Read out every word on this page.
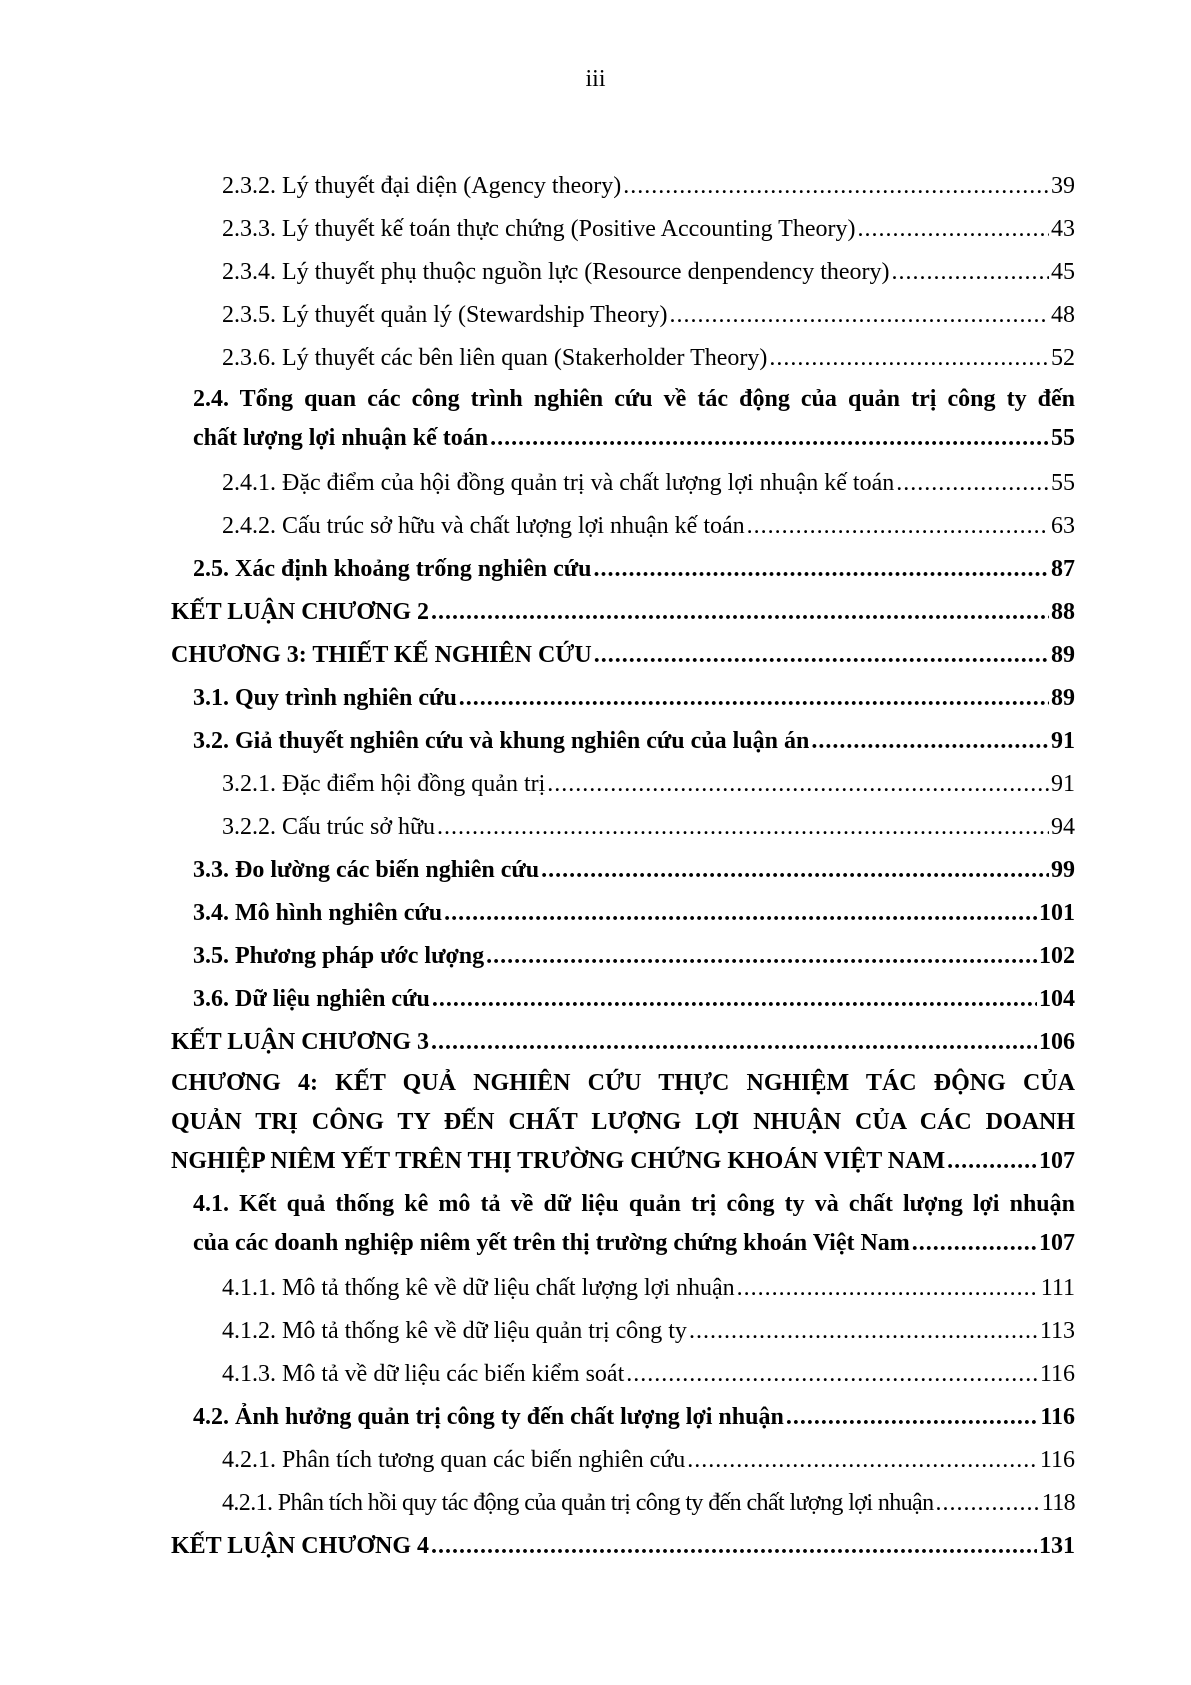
iii
2.3.2. Lý thuyết đại diện (Agency theory) .....	39
2.3.3. Lý thuyết kế toán thực chứng (Positive Accounting Theory) .....	43
2.3.4. Lý thuyết phụ thuộc nguồn lực (Resource denpendency theory) .....	45
2.3.5. Lý thuyết quản lý (Stewardship Theory) .....	48
2.3.6. Lý thuyết các bên liên quan (Stakerholder Theory) .....	52
2.4. Tổng quan các công trình nghiên cứu về tác động của quản trị công ty đến
chất lượng lợi nhuận kế toán .....	55
2.4.1. Đặc điểm của hội đồng quản trị và chất lượng lợi nhuận kế toán .....	55
2.4.2. Cấu trúc sở hữu và chất lượng lợi nhuận kế toán .....	63
2.5. Xác định khoảng trống nghiên cứu .....	87
KẾT LUẬN CHƯƠNG 2 .....	88
CHƯƠNG 3: THIẾT KẾ NGHIÊN CỨU .....	89
3.1. Quy trình nghiên cứu .....	89
3.2. Giả thuyết nghiên cứu và khung nghiên cứu của luận án .....	91
3.2.1. Đặc điểm hội đồng quản trị .....	91
3.2.2. Cấu trúc sở hữu .....	94
3.3. Đo lường các biến nghiên cứu .....	99
3.4. Mô hình nghiên cứu .....	101
3.5. Phương pháp ước lượng .....	102
3.6. Dữ liệu nghiên cứu .....	104
KẾT LUẬN CHƯƠNG 3 .....	106
CHƯƠNG 4: KẾT QUẢ NGHIÊN CỨU THỰC NGHIỆM TÁC ĐỘNG CỦA
QUẢN TRỊ CÔNG TY ĐẾN CHẤT LƯỢNG LỢI NHUẬN CỦA CÁC DOANH
NGHIỆP NIÊM YẾT TRÊN THỊ TRƯỜNG CHỨNG KHOÁN VIỆT NAM .....	107
4.1. Kết quả thống kê mô tả về dữ liệu quản trị công ty và chất lượng lợi nhuận
của các doanh nghiệp niêm yết trên thị trường chứng khoán Việt Nam .....	107
4.1.1. Mô tả thống kê về dữ liệu chất lượng lợi nhuận .....	111
4.1.2. Mô tả thống kê về dữ liệu quản trị công ty .....	113
4.1.3. Mô tả về dữ liệu các biến kiểm soát .....	116
4.2. Ảnh hưởng quản trị công ty đến chất lượng lợi nhuận .....	116
4.2.1. Phân tích tương quan các biến nghiên cứu .....	116
4.2.1. Phân tích hồi quy tác động của quản trị công ty đến chất lượng lợi nhuận .....	118
KẾT LUẬN CHƯƠNG 4 .....	131
